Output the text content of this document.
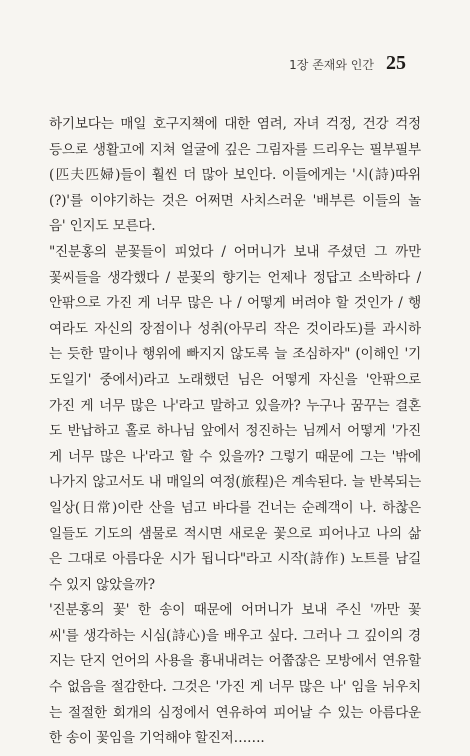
1장 존재와 인간 25
하기보다는 매일 호구지책에 대한 염려, 자녀 걱정, 건강 걱정
등으로 생활고에 지쳐 얼굴에 깊은 그림자를 드리우는 필부필부
(匹夫匹婦)들이 훨씬 더 많아 보인다. 이들에게는 '시(詩)따위
(?)'를 이야기하는 것은 어쩌면 사치스러운 '배부른 이들의 놀
음' 인지도 모른다.
"진분홍의 분꽃들이 피었다 / 어머니가 보내 주셨던 그 까만
꽃씨들을 생각했다 / 분꽃의 향기는 언제나 정답고 소박하다 /
안팎으로 가진 게 너무 많은 나 / 어떻게 버려야 할 것인가 / 행
여라도 자신의 장점이나 성취(아무리 작은 것이라도)를 과시하
는 듯한 말이나 행위에 빠지지 않도록 늘 조심하자" (이해인 '기
도일기' 중에서)라고 노래했던 님은 어떻게 자신을 '안팎으로
가진 게 너무 많은 나'라고 말하고 있을까? 누구나 꿈꾸는 결혼
도 반납하고 홀로 하나님 앞에서 정진하는 님께서 어떻게 '가진
게 너무 많은 나'라고 할 수 있을까? 그렇기 때문에 그는 '밖에
나가지 않고서도 내 매일의 여정(旅程)은 계속된다. 늘 반복되는
일상(日常)이란 산을 넘고 바다를 건너는 순례객이 나. 하찮은
일들도 기도의 샘물로 적시면 새로운 꽃으로 피어나고 나의 삶
은 그대로 아름다운 시가 됩니다"라고 시작(詩作) 노트를 남길
수 있지 않았을까?
'진분홍의 꽃' 한 송이 때문에 어머니가 보내 주신 '까만 꽃
씨'를 생각하는 시심(詩心)을 배우고 싶다. 그러나 그 깊이의 경
지는 단지 언어의 사용을 흉내내려는 어쭙잖은 모방에서 연유할
수 없음을 절감한다. 그것은 '가진 게 너무 많은 나' 임을 뉘우치
는 절절한 회개의 심정에서 연유하여 피어날 수 있는 아름다운
한 송이 꽃임을 기억해야 할진저…….
